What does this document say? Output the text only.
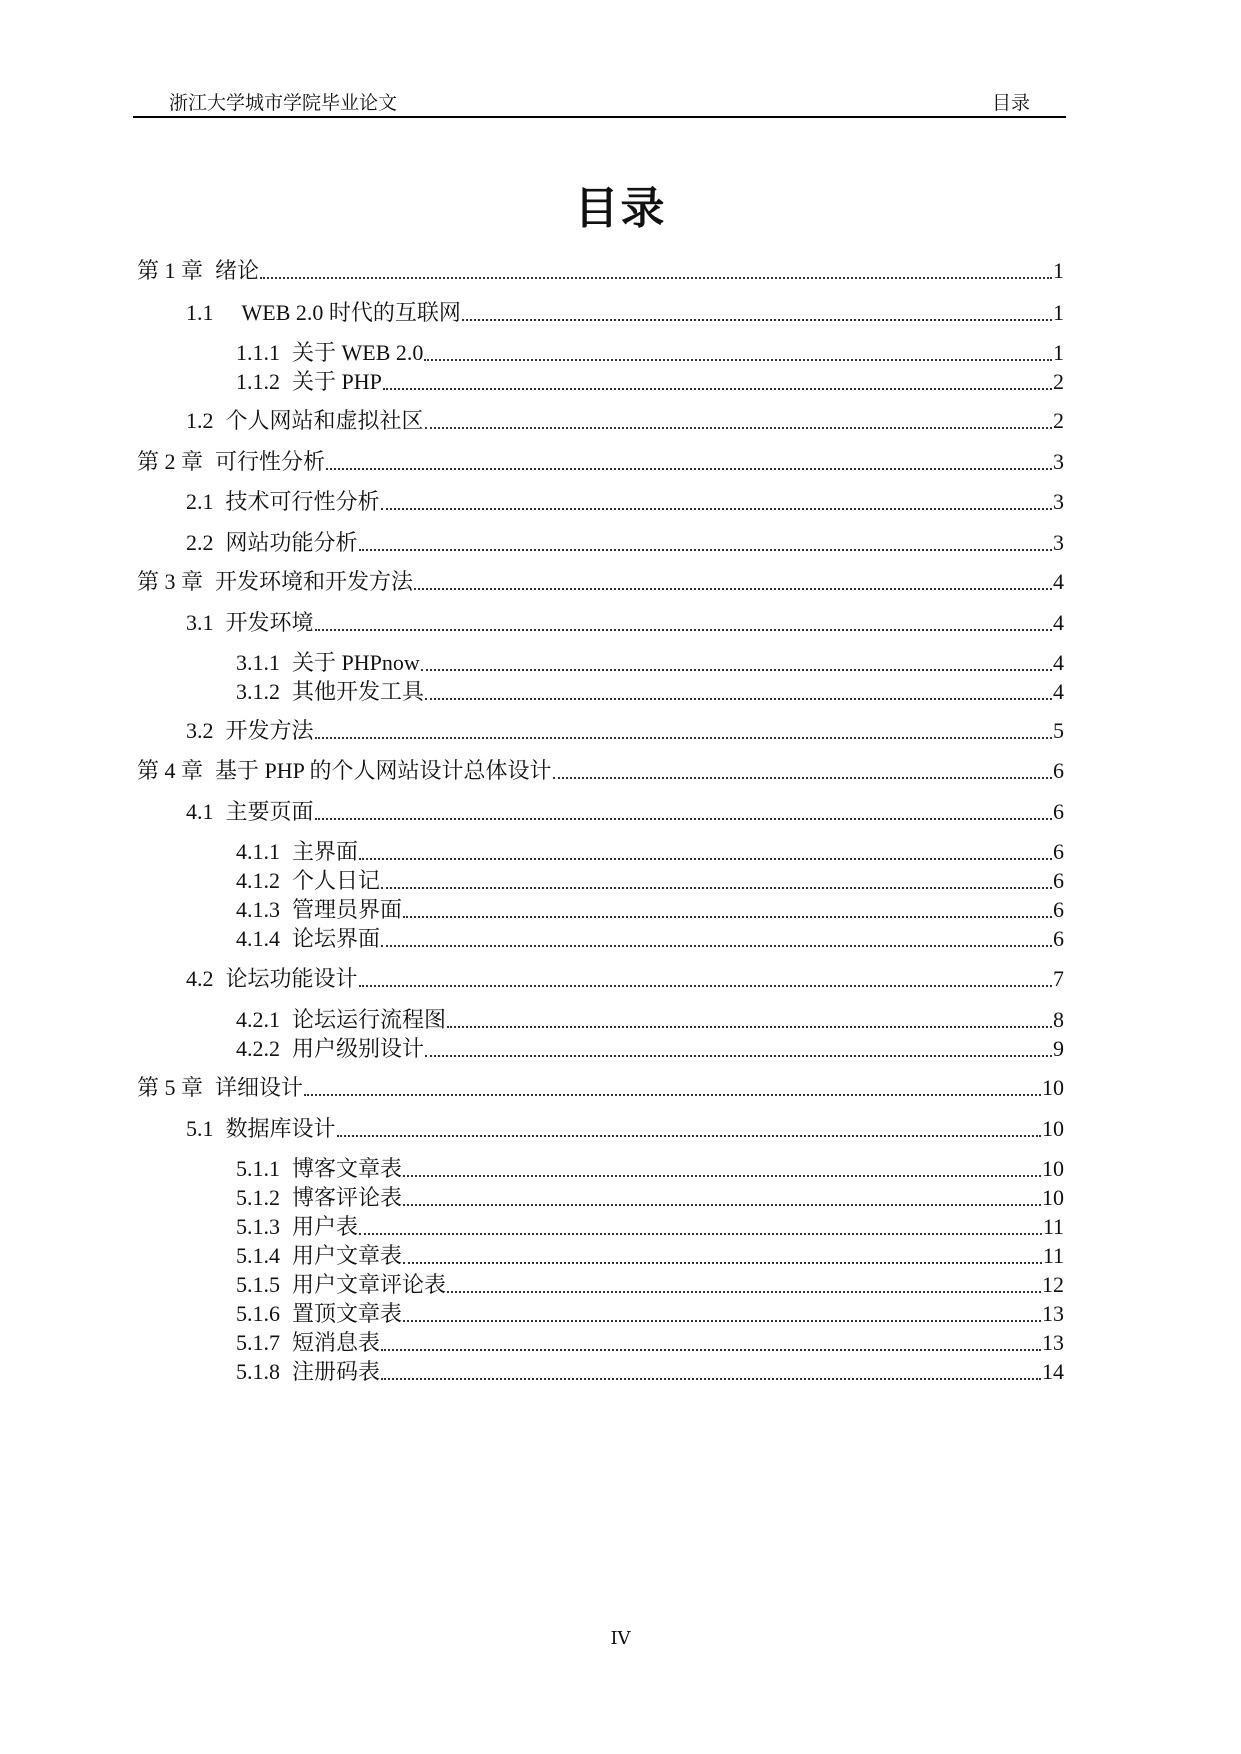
浙江大学城市学院毕业论文	目录
目录
第 1 章 绪论	1
1.1 WEB 2.0 时代的互联网	1
1.1.1 关于 WEB 2.0	1
1.1.2 关于 PHP	2
1.2 个人网站和虚拟社区	2
第 2 章 可行性分析	3
2.1 技术可行性分析	3
2.2 网站功能分析	3
第 3 章 开发环境和开发方法	4
3.1 开发环境	4
3.1.1 关于 PHPnow	4
3.1.2 其他开发工具	4
3.2 开发方法	5
第 4 章 基于 PHP 的个人网站设计总体设计	6
4.1 主要页面	6
4.1.1 主界面	6
4.1.2 个人日记	6
4.1.3 管理员界面	6
4.1.4 论坛界面	6
4.2 论坛功能设计	7
4.2.1 论坛运行流程图	8
4.2.2 用户级别设计	9
第 5 章 详细设计	10
5.1 数据库设计	10
5.1.1 博客文章表	10
5.1.2 博客评论表	10
5.1.3 用户表	11
5.1.4 用户文章表	11
5.1.5 用户文章评论表	12
5.1.6 置顶文章表	13
5.1.7 短消息表	13
5.1.8 注册码表	14
IV
